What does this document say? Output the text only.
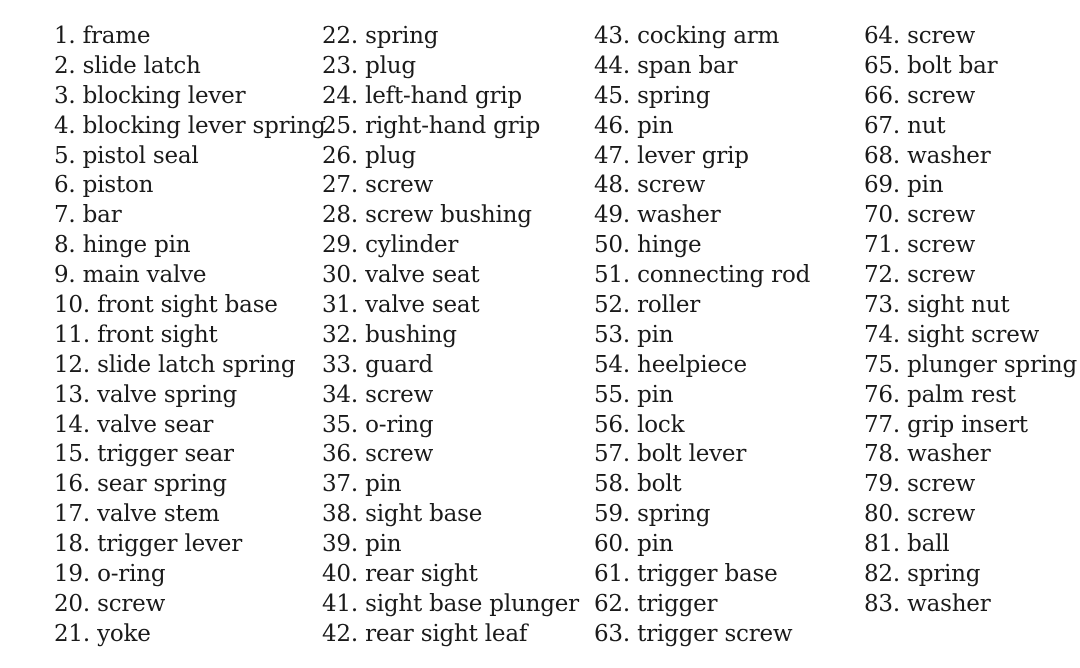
1. frame
2. slide latch
3. blocking lever
4. blocking lever spring
5. pistol seal
6. piston
7. bar
8. hinge pin
9. main valve
10. front sight base
11. front sight
12. slide latch spring
13. valve spring
14. valve sear
15. trigger sear
16. sear spring
17. valve stem
18. trigger lever
19. o-ring
20. screw
21. yoke
22. spring
23. plug
24. left-hand grip
25. right-hand grip
26. plug
27. screw
28. screw bushing
29. cylinder
30. valve seat
31. valve seat
32. bushing
33. guard
34. screw
35. o-ring
36. screw
37. pin
38. sight base
39. pin
40. rear sight
41. sight base plunger
42. rear sight leaf
43. cocking arm
44. span bar
45. spring
46. pin
47. lever grip
48. screw
49. washer
50. hinge
51. connecting rod
52. roller
53. pin
54. heelpiece
55. pin
56. lock
57. bolt lever
58. bolt
59. spring
60. pin
61. trigger base
62. trigger
63. trigger screw
64. screw
65. bolt bar
66. screw
67. nut
68. washer
69. pin
70. screw
71. screw
72. screw
73. sight nut
74. sight screw
75. plunger spring
76. palm rest
77. grip insert
78. washer
79. screw
80. screw
81. ball
82. spring
83. washer
